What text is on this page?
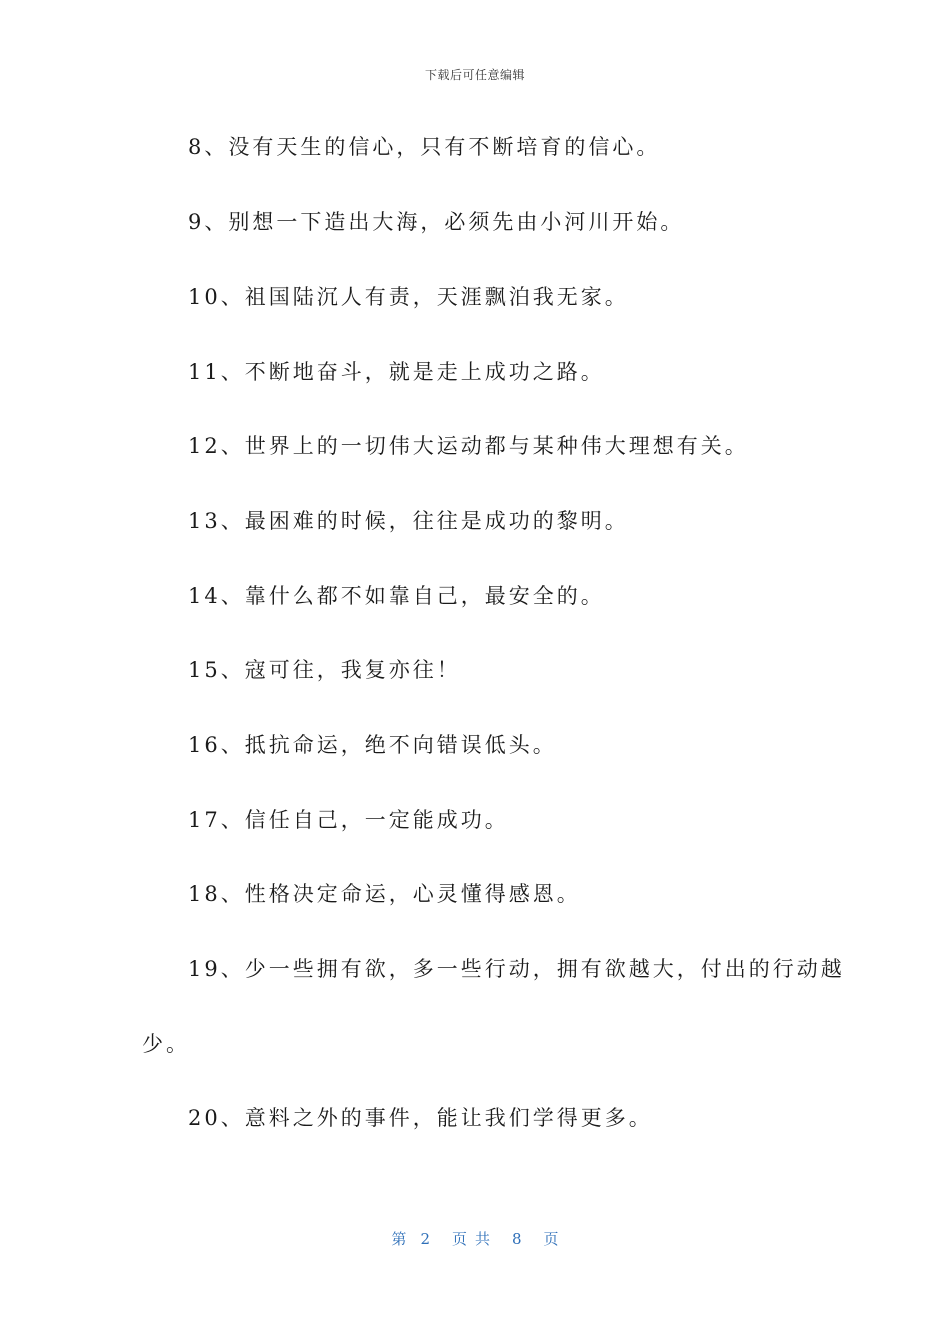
下载后可任意编辑
8、没有天生的信心，只有不断培育的信心。
9、别想一下造出大海，必须先由小河川开始。
10、祖国陆沉人有责，天涯飘泊我无家。
11、不断地奋斗，就是走上成功之路。
12、世界上的一切伟大运动都与某种伟大理想有关。
13、最困难的时候，往往是成功的黎明。
14、靠什么都不如靠自己，最安全的。
15、寇可往，我复亦往！
16、抵抗命运，绝不向错误低头。
17、信任自己，一定能成功。
18、性格决定命运，心灵懂得感恩。
19、少一些拥有欲，多一些行动，拥有欲越大，付出的行动越
少。
20、意料之外的事件，能让我们学得更多。
第 2 页共 8 页
